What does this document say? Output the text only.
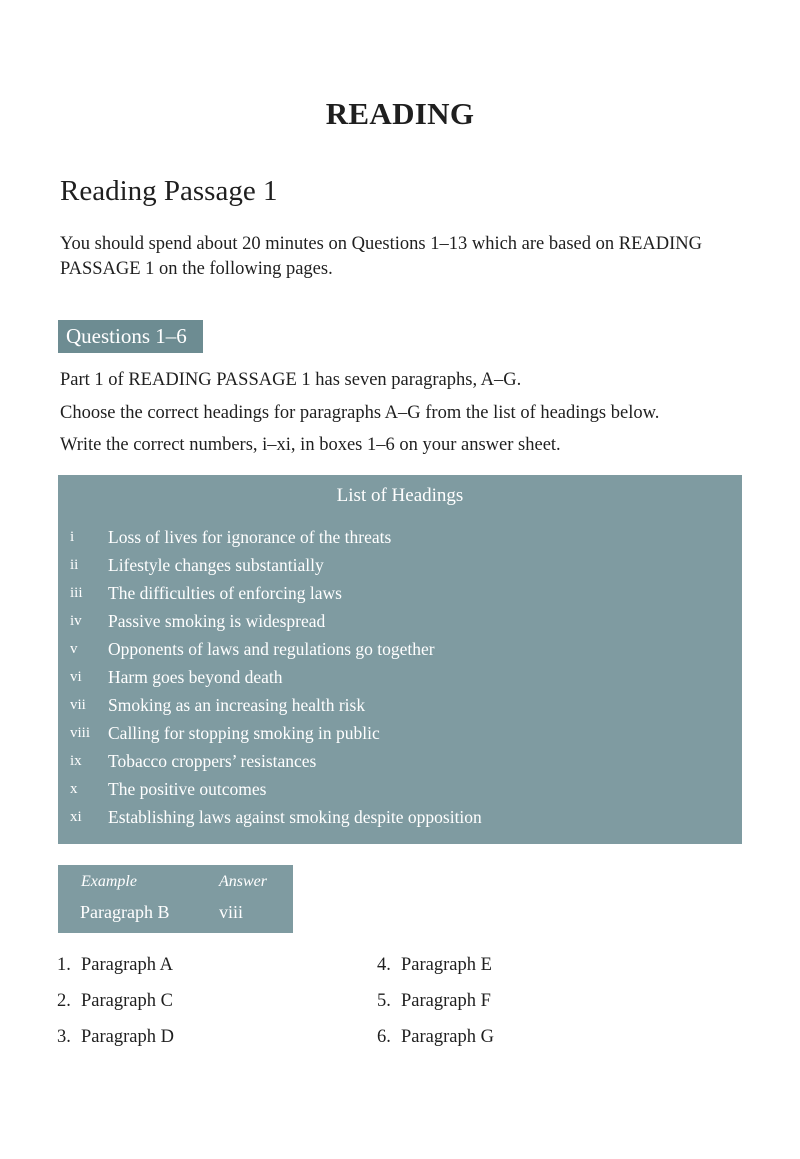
READING
Reading Passage 1
You should spend about 20 minutes on Questions 1–13 which are based on READING PASSAGE 1 on the following pages.
Questions 1–6
Part 1 of READING PASSAGE 1 has seven paragraphs, A–G.
Choose the correct headings for paragraphs A–G from the list of headings below.
Write the correct numbers, i–xi, in boxes 1–6 on your answer sheet.
List of Headings
i	Loss of lives for ignorance of the threats
ii	Lifestyle changes substantially
iii	The difficulties of enforcing laws
iv	Passive smoking is widespread
v	Opponents of laws and regulations go together
vi	Harm goes beyond death
vii	Smoking as an increasing health risk
viii	Calling for stopping smoking in public
ix	Tobacco croppers’ resistances
x	The positive outcomes
xi	Establishing laws against smoking despite opposition
Example	Answer
Paragraph B	viii
1. Paragraph A
2. Paragraph C
3. Paragraph D
4. Paragraph E
5. Paragraph F
6. Paragraph G
